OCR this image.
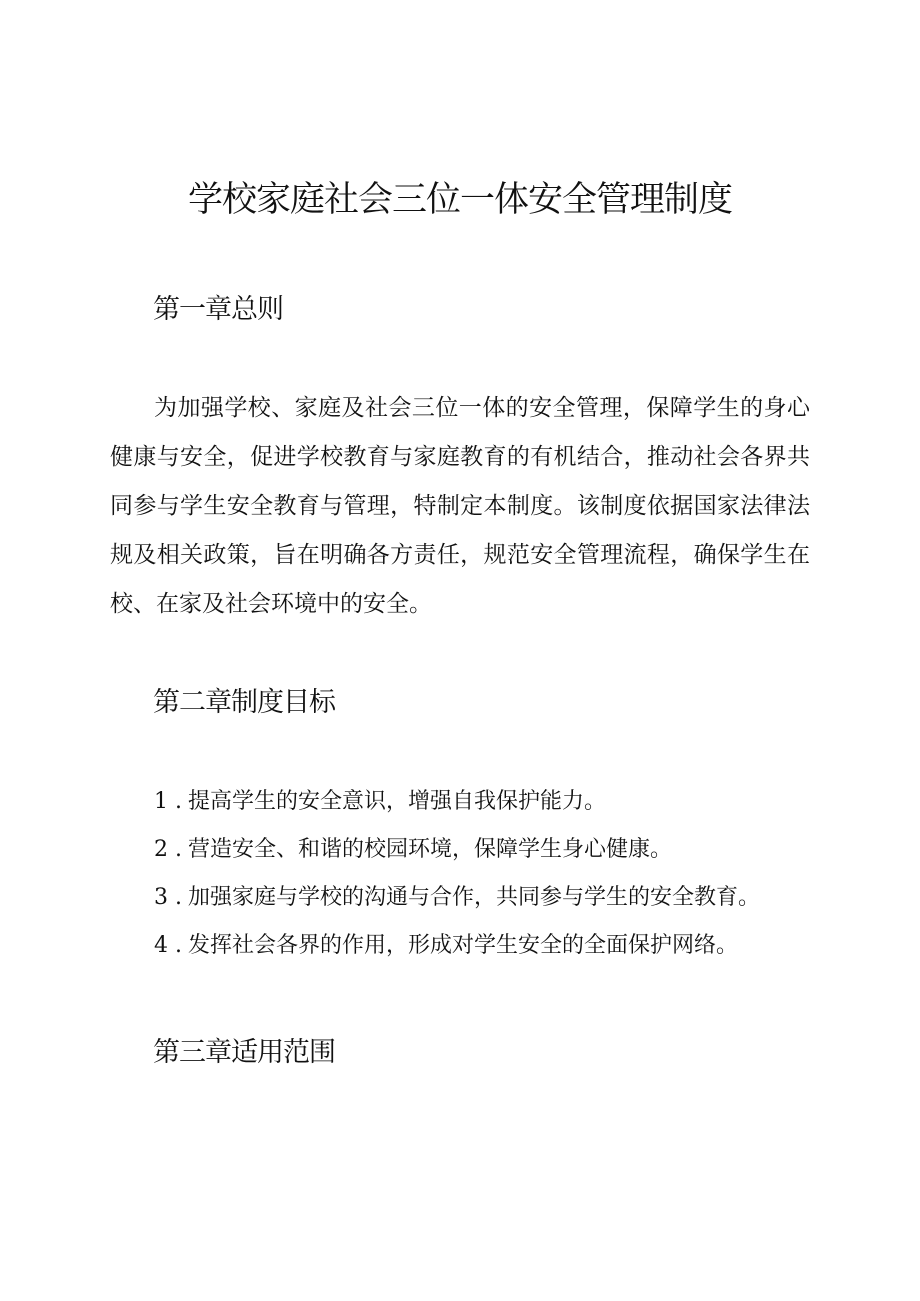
学校家庭社会三位一体安全管理制度
第一章总则

为加强学校、家庭及社会三位一体的安全管理，保障学生的身心健康与安全，促进学校教育与家庭教育的有机结合，推动社会各界共同参与学生安全教育与管理，特制定本制度。该制度依据国家法律法规及相关政策，旨在明确各方责任，规范安全管理流程，确保学生在校、在家及社会环境中的安全。

第二章制度目标
1 . 提高学生的安全意识，增强自我保护能力。
2 . 营造安全、和谐的校园环境，保障学生身心健康。
3 . 加强家庭与学校的沟通与合作，共同参与学生的安全教育。
4 . 发挥社会各界的作用，形成对学生安全的全面保护网络。
第三章适用范围
